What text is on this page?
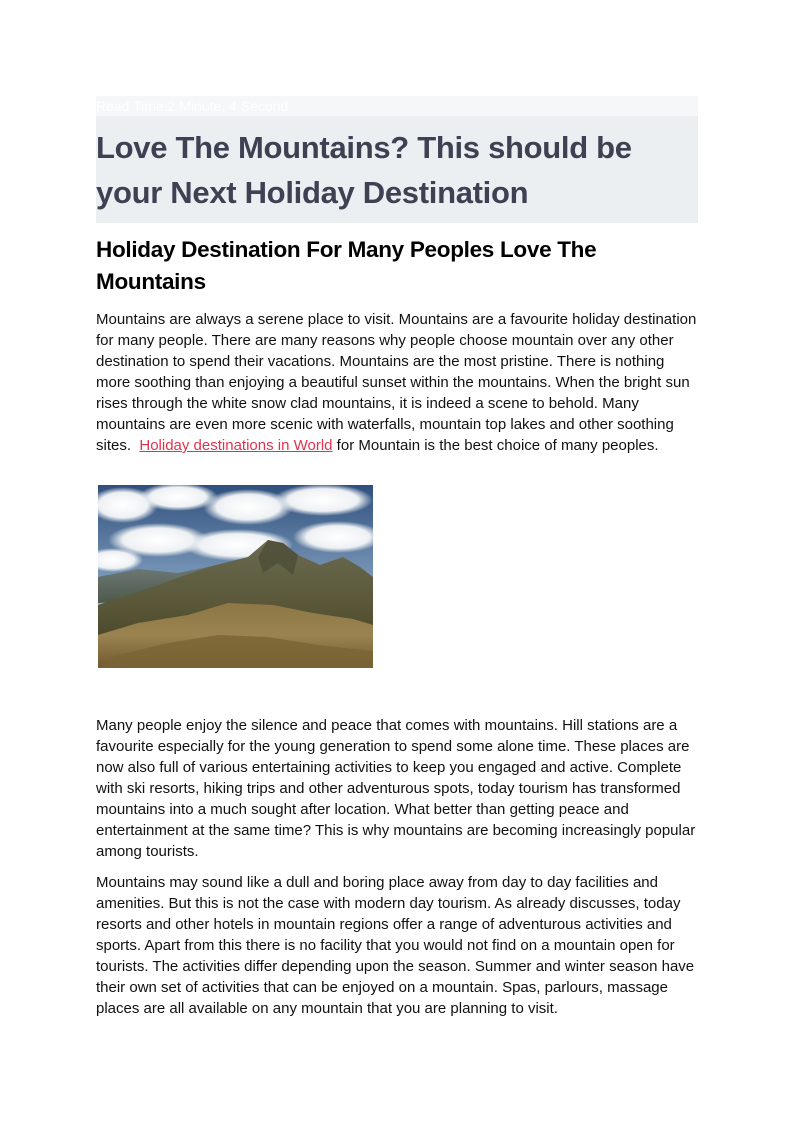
Read Time:2 Minute, 4 Second
Love The Mountains? This should be your Next Holiday Destination
Holiday Destination For Many Peoples Love The Mountains

Mountains are always a serene place to visit. Mountains are a favourite holiday destination for many people. There are many reasons why people choose mountain over any other destination to spend their vacations. Mountains are the most pristine. There is nothing more soothing than enjoying a beautiful sunset within the mountains. When the bright sun rises through the white snow clad mountains, it is indeed a scene to behold. Many mountains are even more scenic with waterfalls, mountain top lakes and other soothing sites.  Holiday destinations in World for Mountain is the best choice of many peoples.

Many people enjoy the silence and peace that comes with mountains. Hill stations are a favourite especially for the young generation to spend some alone time. These places are now also full of various entertaining activities to keep you engaged and active. Complete with ski resorts, hiking trips and other adventurous spots, today tourism has transformed mountains into a much sought after location. What better than getting peace and entertainment at the same time? This is why mountains are becoming increasingly popular among tourists.

Mountains may sound like a dull and boring place away from day to day facilities and amenities. But this is not the case with modern day tourism. As already discusses, today resorts and other hotels in mountain regions offer a range of adventurous activities and sports. Apart from this there is no facility that you would not find on a mountain open for tourists. The activities differ depending upon the season. Summer and winter season have their own set of activities that can be enjoyed on a mountain. Spas, parlours, massage places are all available on any mountain that you are planning to visit.
